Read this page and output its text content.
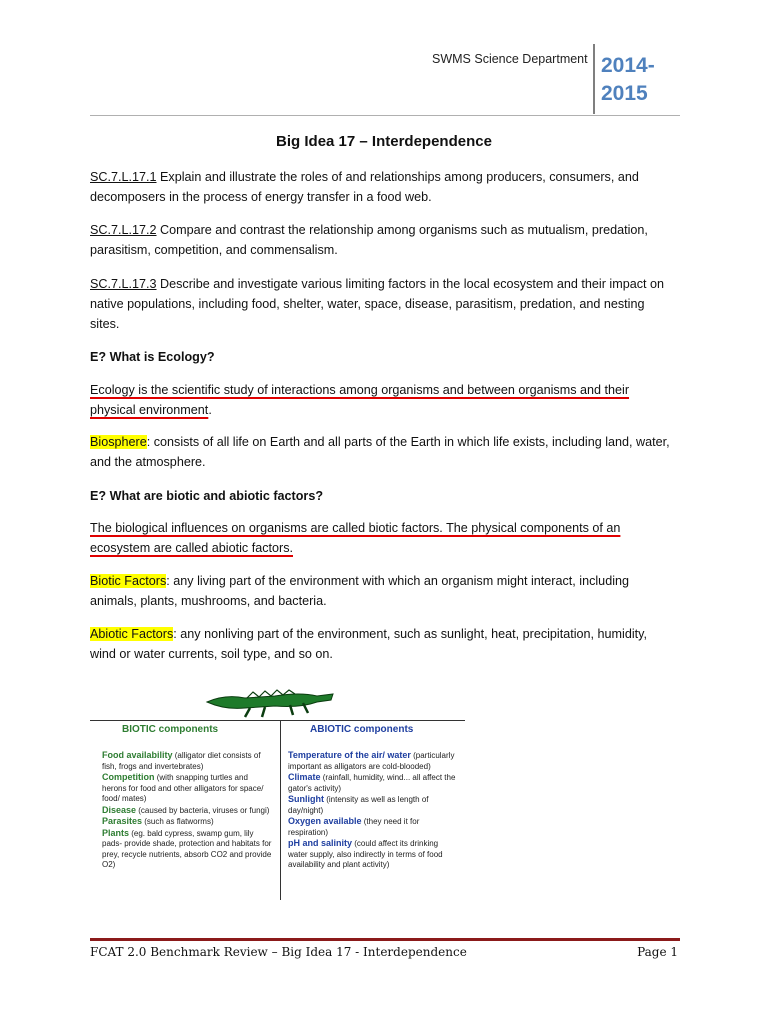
SWMS Science Department 2014-
2015
Big Idea 17 – Interdependence
SC.7.L.17.1 Explain and illustrate the roles of and relationships among producers, consumers, and decomposers in the process of energy transfer in a food web.
SC.7.L.17.2 Compare and contrast the relationship among organisms such as mutualism, predation, parasitism, competition, and commensalism.
SC.7.L.17.3 Describe and investigate various limiting factors in the local ecosystem and their impact on native populations, including food, shelter, water, space, disease, parasitism, predation, and nesting sites.
E? What is Ecology?
Ecology is the scientific study of interactions among organisms and between organisms and their physical environment.
Biosphere: consists of all life on Earth and all parts of the Earth in which life exists, including land, water, and the atmosphere.
E? What are biotic and abiotic factors?
The biological influences on organisms are called biotic factors. The physical components of an ecosystem are called abiotic factors.
Biotic Factors: any living part of the environment with which an organism might interact, including animals, plants, mushrooms, and bacteria.
Abiotic Factors: any nonliving part of the environment, such as sunlight, heat, precipitation, humidity, wind or water currents, soil type, and so on.
BIOTIC components	ABIOTIC components
Food availability (alligator diet consists of fish, frogs and invertebrates)
Competition (with snapping turtles and herons for food and other alligators for space/ food/ mates)
Disease (caused by bacteria, viruses or fungi)
Parasites (such as flatworms)
Plants (eg. bald cypress, swamp gum, lily pads- provide shade, protection and habitats for prey, recycle nutrients, absorb CO2 and provide O2)
Temperature of the air/ water (particularly important as alligators are cold-blooded)
Climate (rainfall, humidity, wind... all affect the gator's activity)
Sunlight (intensity as well as length of day/night)
Oxygen available (they need it for respiration)
pH and salinity (could affect its drinking water supply, also indirectly in terms of food availability and plant activity)
FCAT 2.0 Benchmark Review – Big Idea 17 - Interdependence	Page 1
